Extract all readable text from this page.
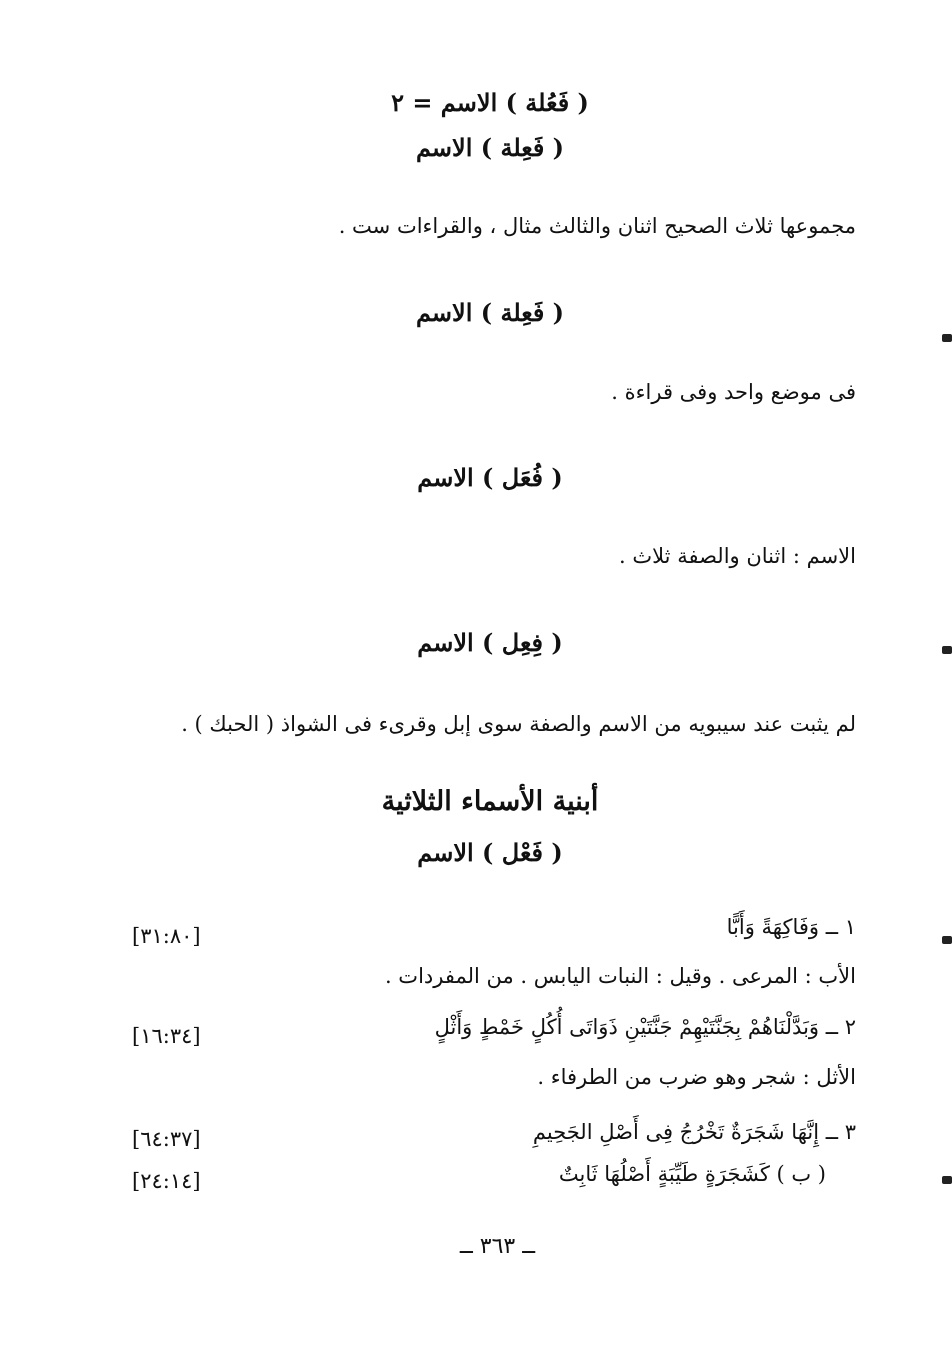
( فَعُلة ) الاسم = ٢
( فَعِلة ) الاسم
مجموعها ثلاث الصحيح اثنان والثالث مثال ، والقراءات ست .
( فَعِلة ) الاسم
فى موضع واحد وفى قراءة .
( فُعَل ) الاسم
الاسم : اثنان والصفة ثلاث .
( فِعِل ) الاسم
لم يثبت عند سيبويه من الاسم والصفة سوى إبل وقرىء فى الشواذ ( الحبك ) .
أبنية الأسماء الثلاثية
( فَعْل ) الاسم
١ ــ وَفَاكِهَةً وَأَبًّا
[٣١:٨٠]
الأب : المرعى . وقيل : النبات اليابس . من المفردات .
٢ ــ وَبَدَّلْنَاهُمْ بِجَنَّتَيْهِمْ جَنَّتَيْنِ ذَوَاتَى أُكُلٍ خَمْطٍ وَأَثْلٍ
[١٦:٣٤]
الأثل : شجر وهو ضرب من الطرفاء .
٣ ــ إِنَّهَا شَجَرَةٌ تَخْرُجُ فِى أَصْلِ الجَحِيمِ
[٦٤:٣٧]
( ب ) كَشَجَرَةٍ طَيِّبَةٍ أَصْلُهَا ثَابِتٌ
[٢٤:١٤]
ــ ٣٦٣ ــ
